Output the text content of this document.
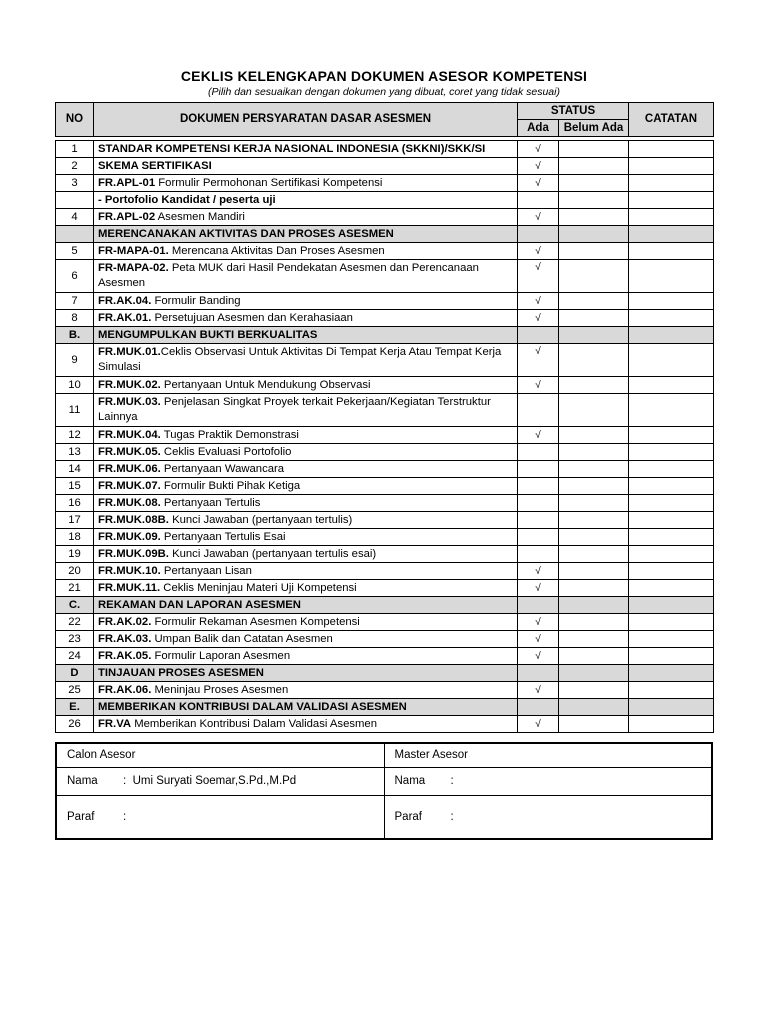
CEKLIS KELENGKAPAN DOKUMEN ASESOR KOMPETENSI
(Pilih dan sesuaikan dengan dokumen yang dibuat, coret yang tidak sesuai)
NO	DOKUMEN PERSYARATAN DASAR ASESMEN	STATUS		CATATAN
		Ada	Belum Ada	

1	STANDAR KOMPETENSI KERJA NASIONAL INDONESIA (SKKNI)/SKK/SI	√		
2	SKEMA SERTIFIKASI	√		
3	FR.APL-01 Formulir Permohonan Sertifikasi Kompetensi	√		
	- Portofolio Kandidat / peserta uji			
4	FR.APL-02 Asesmen Mandiri	√		
	MERENCANAKAN AKTIVITAS DAN PROSES ASESMEN			
5	FR-MAPA-01. Merencana Aktivitas Dan Proses Asesmen	√		
6	FR-MAPA-02. Peta MUK dari Hasil Pendekatan Asesmen dan Perencanaan Asesmen	√		
7	FR.AK.04. Formulir Banding	√		
8	FR.AK.01. Persetujuan Asesmen dan Kerahasiaan	√		
B.	MENGUMPULKAN BUKTI BERKUALITAS			
9	FR.MUK.01.Ceklis Observasi Untuk Aktivitas Di Tempat Kerja Atau Tempat Kerja Simulasi	√		
10	FR.MUK.02. Pertanyaan Untuk Mendukung Observasi	√		
11	FR.MUK.03. Penjelasan Singkat Proyek terkait Pekerjaan/Kegiatan Terstruktur Lainnya			
12	FR.MUK.04. Tugas Praktik Demonstrasi	√		
13	FR.MUK.05. Ceklis Evaluasi Portofolio			
14	FR.MUK.06. Pertanyaan Wawancara			
15	FR.MUK.07. Formulir Bukti Pihak Ketiga			
16	FR.MUK.08. Pertanyaan Tertulis			
17	FR.MUK.08B. Kunci Jawaban (pertanyaan tertulis)			
18	FR.MUK.09. Pertanyaan Tertulis Esai			
19	FR.MUK.09B. Kunci Jawaban (pertanyaan tertulis esai)			
20	FR.MUK.10. Pertanyaan Lisan	√		
21	FR.MUK.11. Ceklis Meninjau Materi Uji Kompetensi	√		
C.	REKAMAN DAN LAPORAN ASESMEN			
22	FR.AK.02. Formulir Rekaman Asesmen Kompetensi	√		
23	FR.AK.03. Umpan Balik dan Catatan Asesmen	√		
24	FR.AK.05. Formulir Laporan Asesmen	√		
D	TINJAUAN PROSES ASESMEN			
25	FR.AK.06. Meninjau Proses Asesmen	√		
E.	MEMBERIKAN KONTRIBUSI DALAM VALIDASI ASESMEN			
26	FR.VA Memberikan Kontribusi Dalam Validasi Asesmen	√		
Calon Asesor	Master Asesor
Nama : Umi Suryati Soemar,S.Pd.,M.Pd	Nama :
Paraf :	Paraf :
